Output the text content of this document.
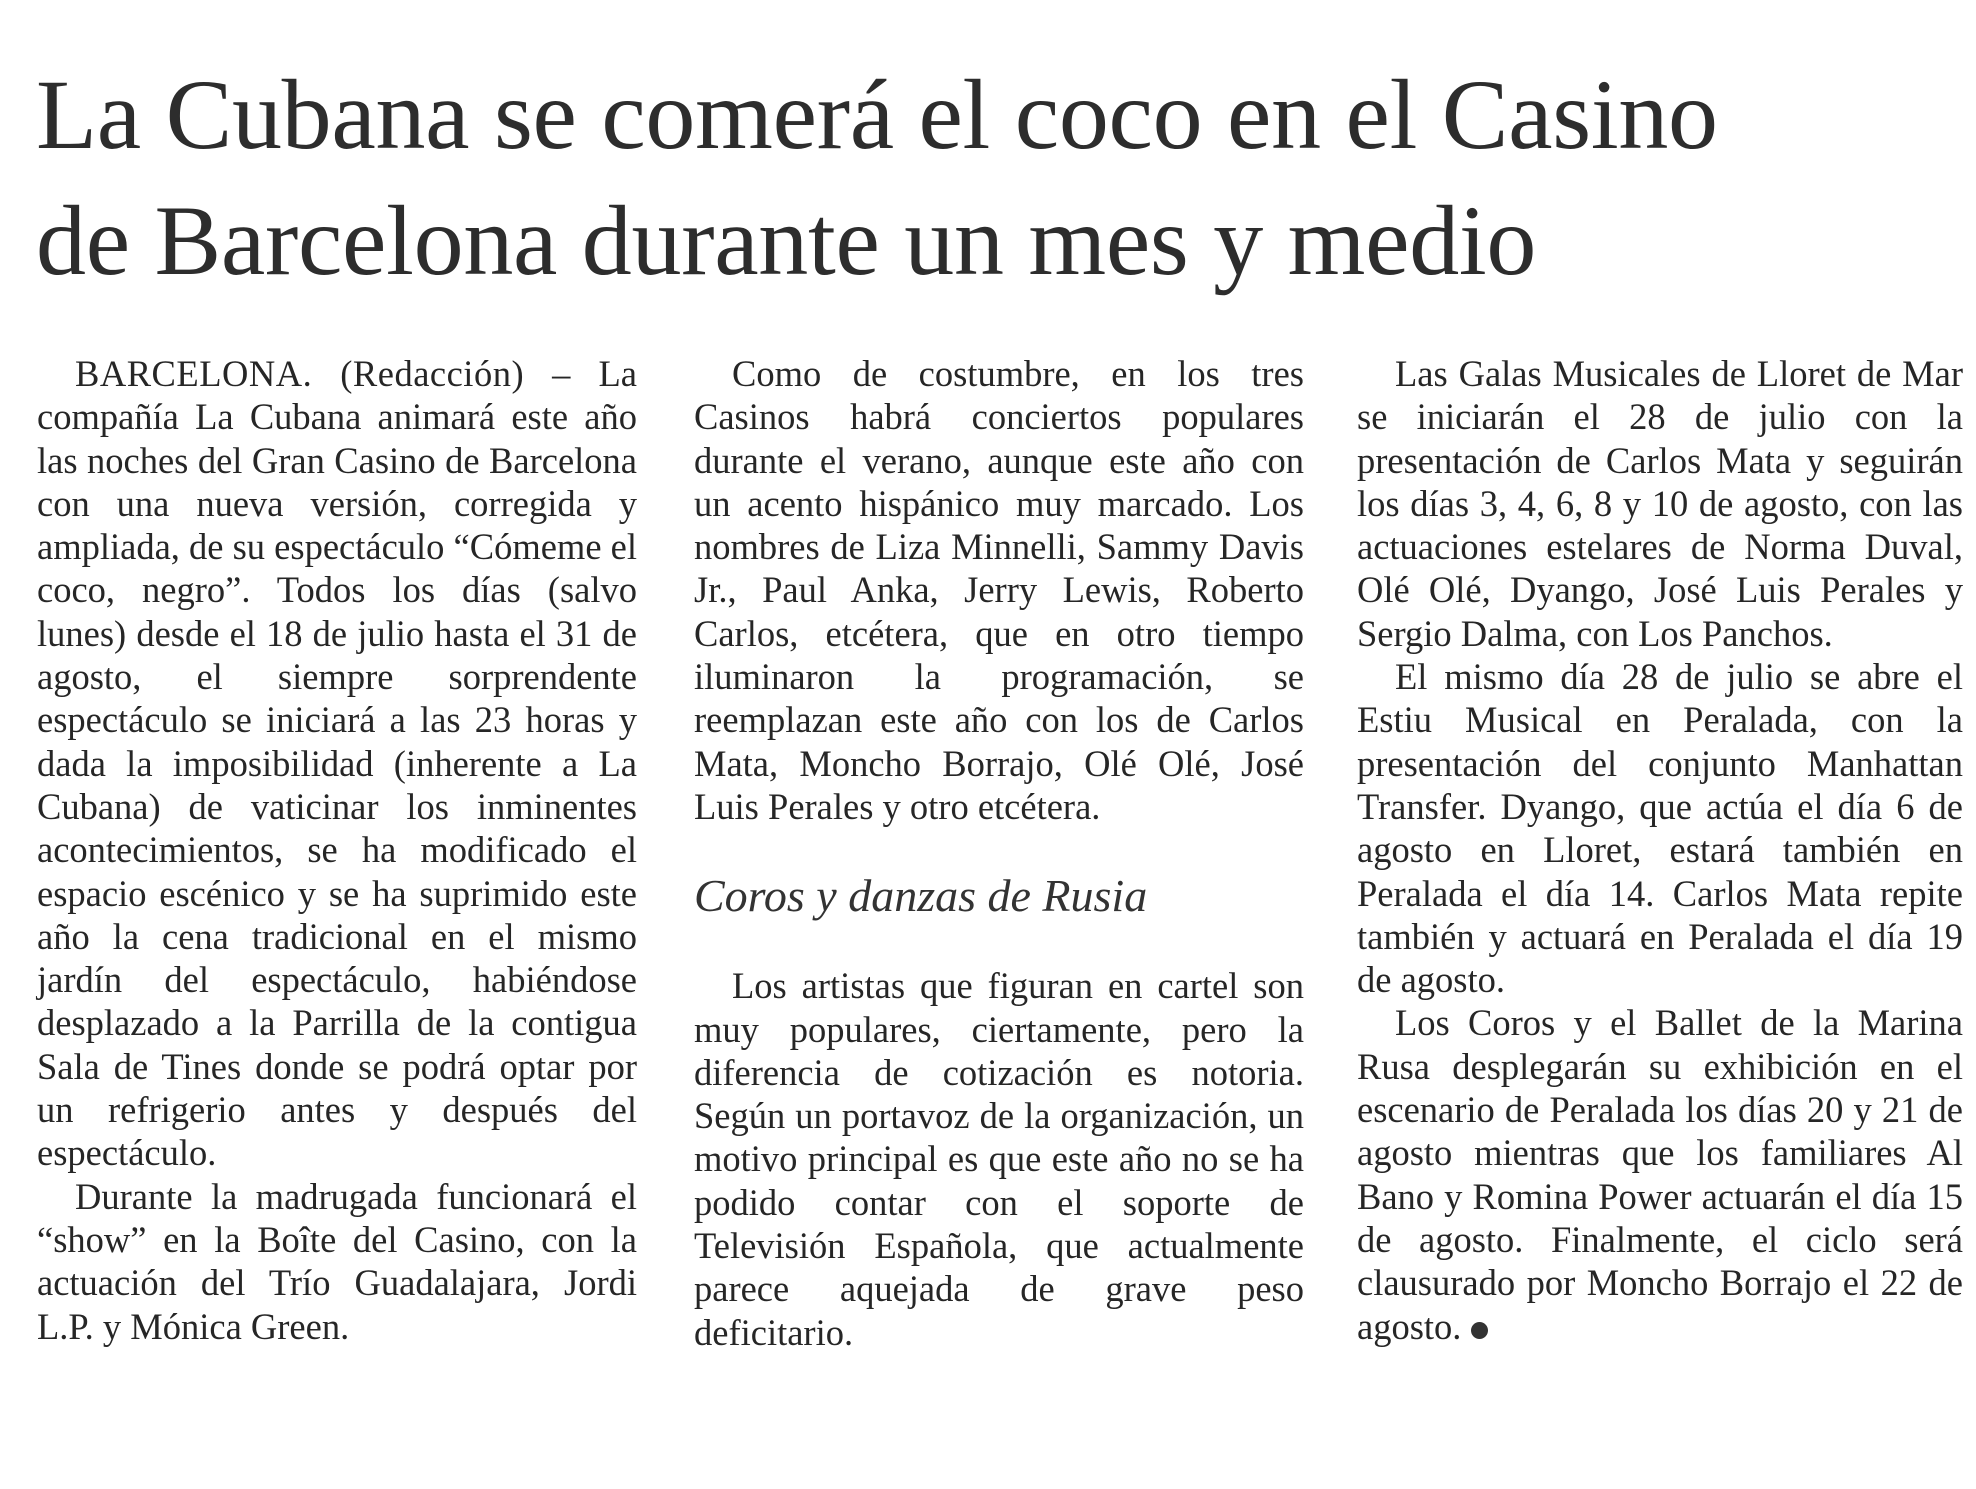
La Cubana se comerá el coco en el Casino
de Barcelona durante un mes y medio

BARCELONA. (Redacción) – La compañía La Cubana animará este año las noches del Gran Casino de Barcelona con una nueva versión, corregida y ampliada, de su espectáculo “Cómeme el coco, negro”. Todos los días (salvo lunes) desde el 18 de julio hasta el 31 de agosto, el siempre sorprendente espectáculo se iniciará a las 23 horas y dada la imposibilidad (inherente a La Cubana) de vaticinar los inminentes acontecimientos, se ha modificado el espacio escénico y se ha suprimido este año la cena tradicional en el mismo jardín del espectáculo, habiéndose desplazado a la Parrilla de la contigua Sala de Tines donde se podrá optar por un refrigerio antes y después del espectáculo.

Durante la madrugada funcionará el “show” en la Boîte del Casino, con la actuación del Trío Guadalajara, Jordi L.P. y Mónica Green.

Como de costumbre, en los tres Casinos habrá conciertos populares durante el verano, aunque este año con un acento hispánico muy marcado. Los nombres de Liza Minnelli, Sammy Davis Jr., Paul Anka, Jerry Lewis, Roberto Carlos, etcétera, que en otro tiempo iluminaron la programación, se reemplazan este año con los de Carlos Mata, Moncho Borrajo, Olé Olé, José Luis Perales y otro etcétera.

Coros y danzas de Rusia

Los artistas que figuran en cartel son muy populares, ciertamente, pero la diferencia de cotización es notoria. Según un portavoz de la organización, un motivo principal es que este año no se ha podido contar con el soporte de Televisión Española, que actualmente parece aquejada de grave peso deficitario.

Las Galas Musicales de Lloret de Mar se iniciarán el 28 de julio con la presentación de Carlos Mata y seguirán los días 3, 4, 6, 8 y 10 de agosto, con las actuaciones estelares de Norma Duval, Olé Olé, Dyango, José Luis Perales y Sergio Dalma, con Los Panchos.

El mismo día 28 de julio se abre el Estiu Musical en Peralada, con la presentación del conjunto Manhattan Transfer. Dyango, que actúa el día 6 de agosto en Lloret, estará también en Peralada el día 14. Carlos Mata repite también y actuará en Peralada el día 19 de agosto.

Los Coros y el Ballet de la Marina Rusa desplegarán su exhibición en el escenario de Peralada los días 20 y 21 de agosto mientras que los familiares Al Bano y Romina Power actuarán el día 15 de agosto. Finalmente, el ciclo será clausurado por Moncho Borrajo el 22 de agosto.
